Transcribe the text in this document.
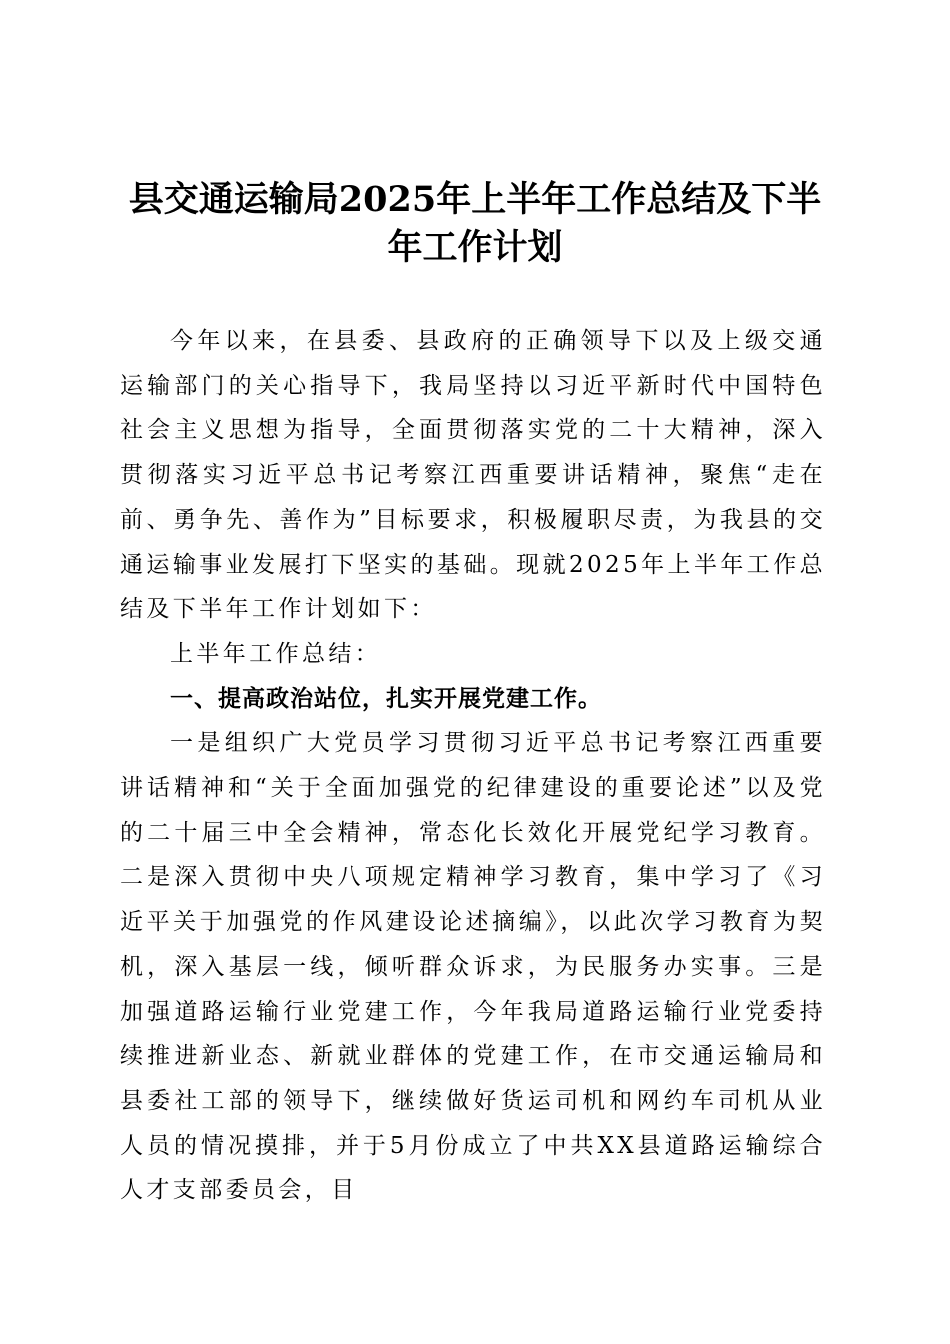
县交通运输局2025年上半年工作总结及下半
年工作计划

今年以来，在县委、县政府的正确领导下以及上级交通运输部门的关心指导下，我局坚持以习近平新时代中国特色社会主义思想为指导，全面贯彻落实党的二十大精神，深入贯彻落实习近平总书记考察江西重要讲话精神，聚焦“走在前、勇争先、善作为”目标要求，积极履职尽责，为我县的交通运输事业发展打下坚实的基础。现就2025年上半年工作总结及下半年工作计划如下：

上半年工作总结：

一、提高政治站位，扎实开展党建工作。

一是组织广大党员学习贯彻习近平总书记考察江西重要讲话精神和“关于全面加强党的纪律建设的重要论述”以及党的二十届三中全会精神，常态化长效化开展党纪学习教育。二是深入贯彻中央八项规定精神学习教育，集中学习了《习近平关于加强党的作风建设论述摘编》，以此次学习教育为契机，深入基层一线，倾听群众诉求，为民服务办实事。三是加强道路运输行业党建工作，今年我局道路运输行业党委持续推进新业态、新就业群体的党建工作，在市交通运输局和县委社工部的领导下，继续做好货运司机和网约车司机从业人员的情况摸排，并于5月份成立了中共XX县道路运输综合人才支部委员会，目
